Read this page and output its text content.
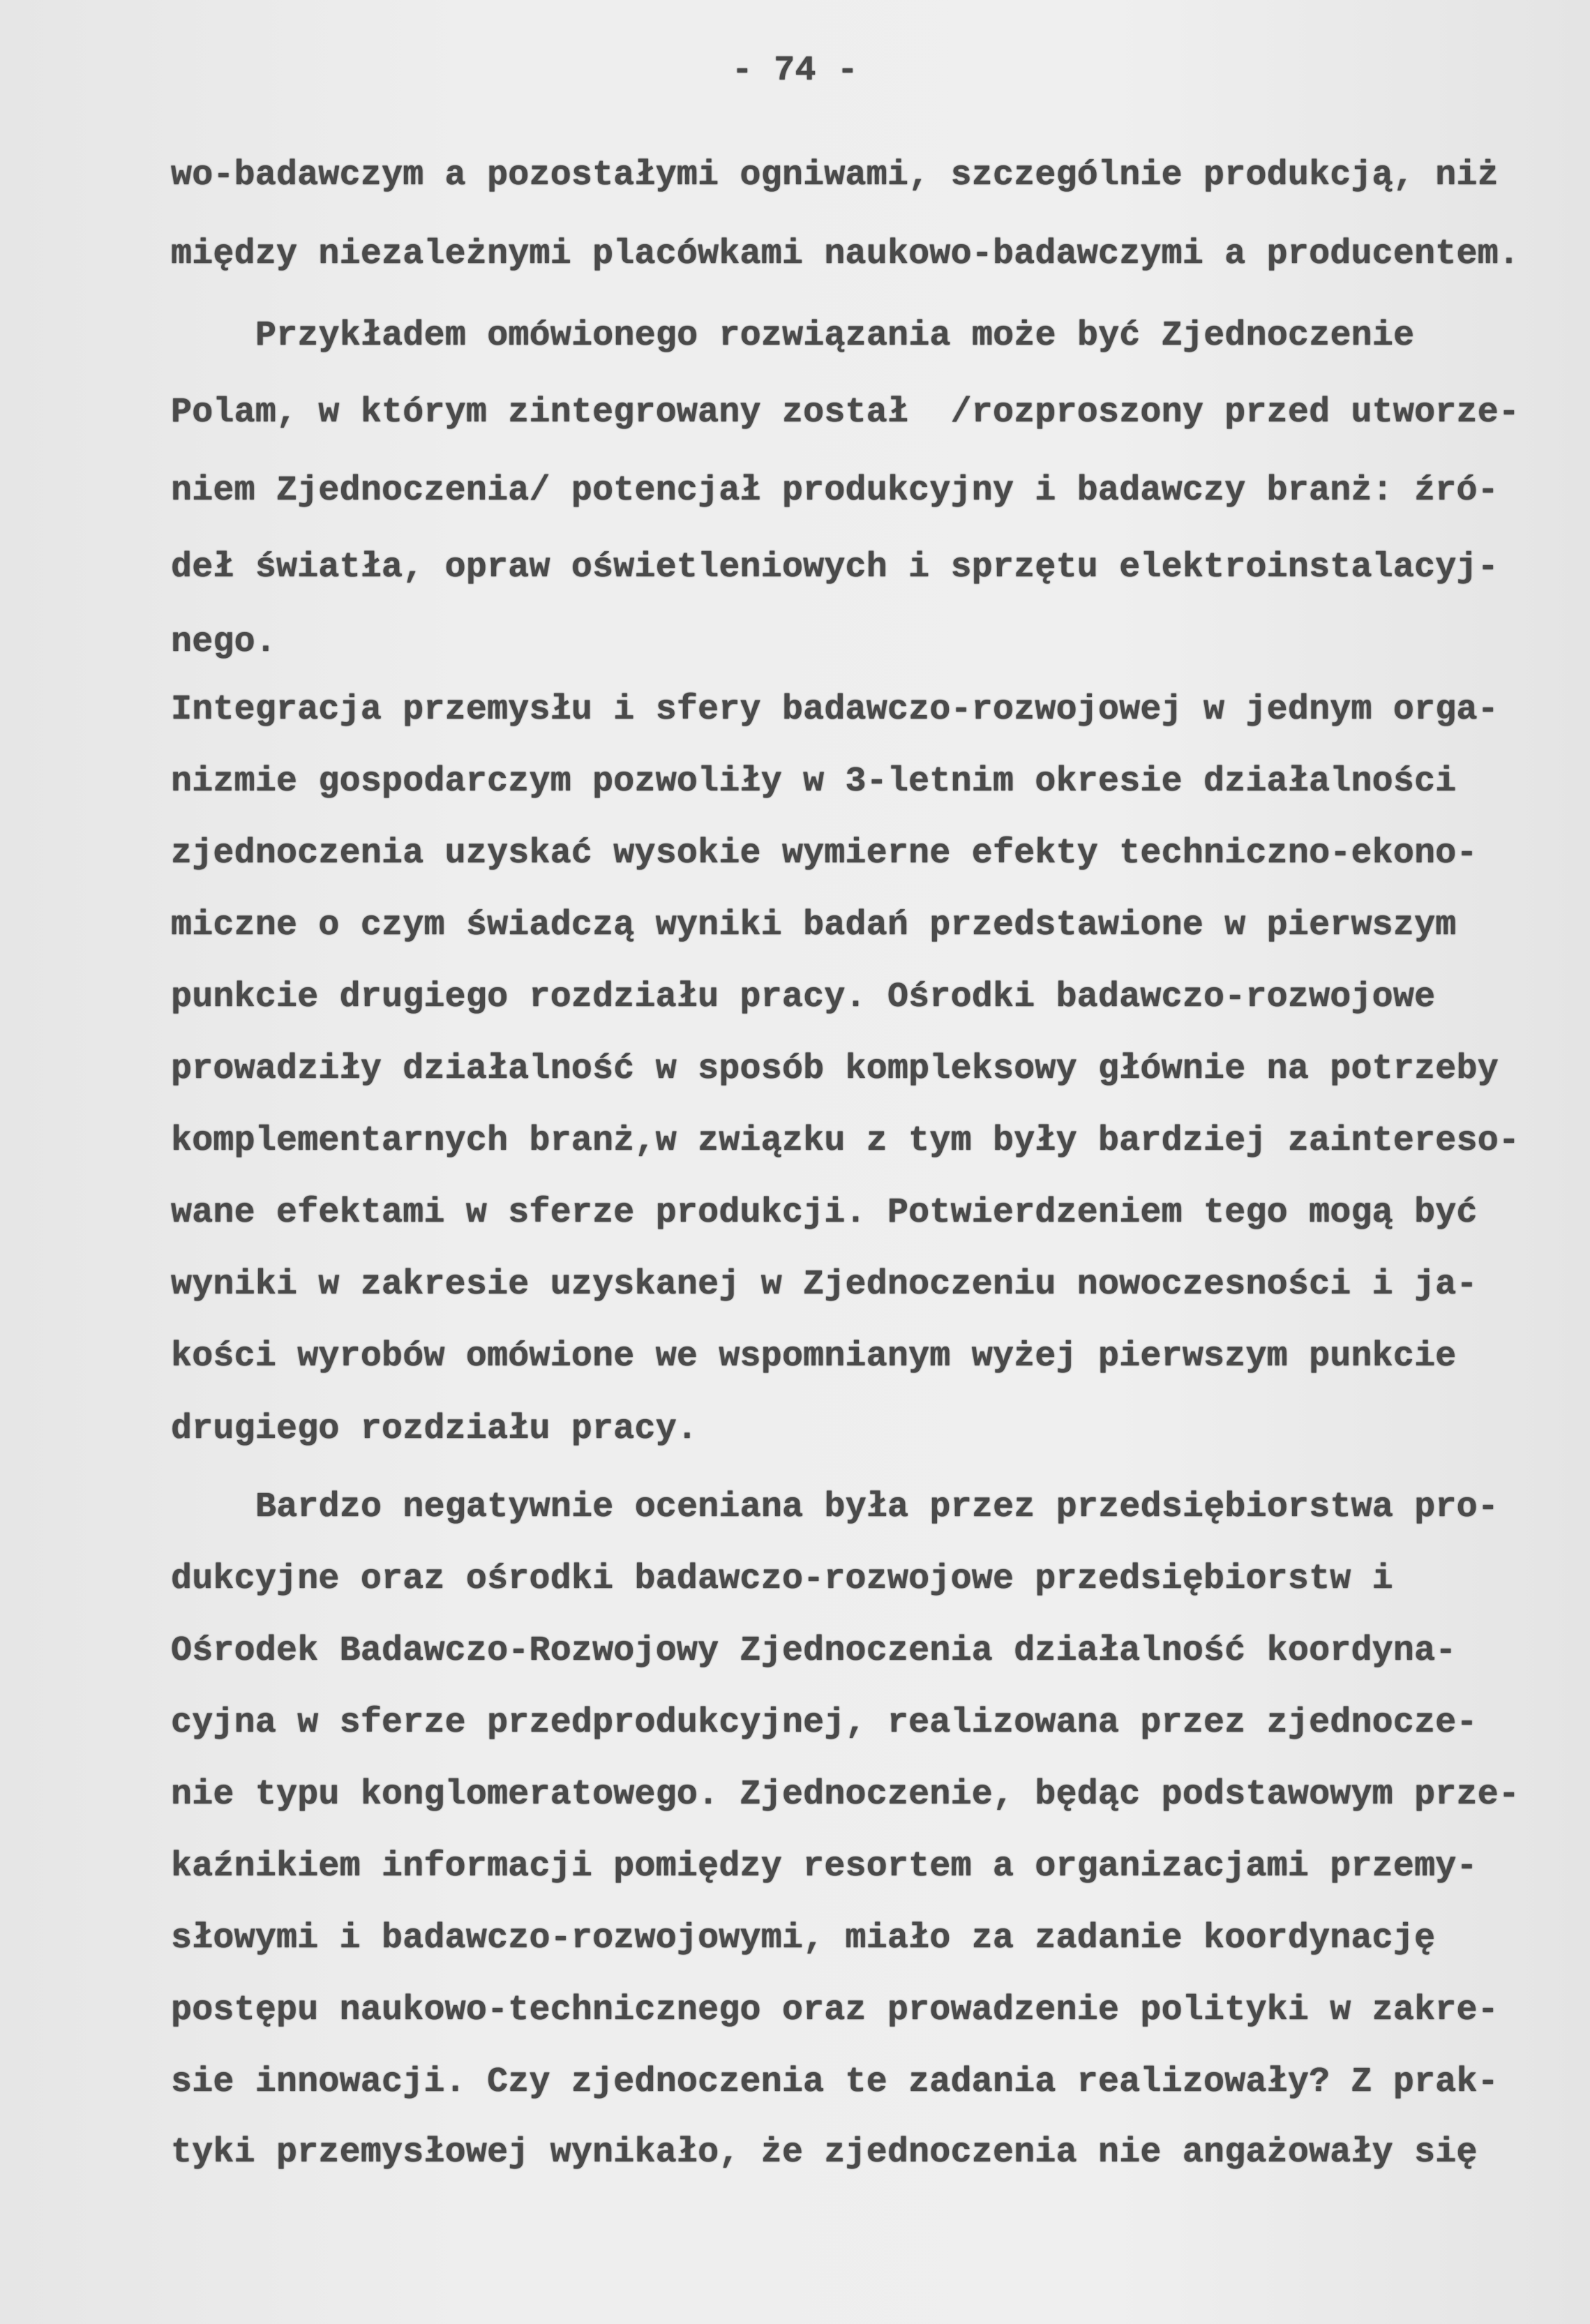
- 74 -
wo-badawczym a pozostałymi ogniwami, szczególnie produkcją, niż
między niezależnymi placówkami naukowo-badawczymi a producentem.
Przykładem omówionego rozwiązania może być Zjednoczenie
Polam, w którym zintegrowany został  /rozproszony przed utworze-
niem Zjednoczenia/ potencjał produkcyjny i badawczy branż: źró-
deł światła, opraw oświetleniowych i sprzętu elektroinstalacyj-
nego.
Integracja przemysłu i sfery badawczo-rozwojowej w jednym orga-
nizmie gospodarczym pozwoliły w 3-letnim okresie działalności
zjednoczenia uzyskać wysokie wymierne efekty techniczno-ekono-
miczne o czym świadczą wyniki badań przedstawione w pierwszym
punkcie drugiego rozdziału pracy. Ośrodki badawczo-rozwojowe
prowadziły działalność w sposób kompleksowy głównie na potrzeby
komplementarnych branż,w związku z tym były bardziej zaintereso-
wane efektami w sferze produkcji. Potwierdzeniem tego mogą być
wyniki w zakresie uzyskanej w Zjednoczeniu nowoczesności i ja-
kości wyrobów omówione we wspomnianym wyżej pierwszym punkcie
drugiego rozdziału pracy.
Bardzo negatywnie oceniana była przez przedsiębiorstwa pro-
dukcyjne oraz ośrodki badawczo-rozwojowe przedsiębiorstw i
Ośrodek Badawczo-Rozwojowy Zjednoczenia działalność koordyna-
cyjna w sferze przedprodukcyjnej, realizowana przez zjednocze-
nie typu konglomeratowego. Zjednoczenie, będąc podstawowym prze-
kaźnikiem informacji pomiędzy resortem a organizacjami przemy-
słowymi i badawczo-rozwojowymi, miało za zadanie koordynację
postępu naukowo-technicznego oraz prowadzenie polityki w zakre-
sie innowacji. Czy zjednoczenia te zadania realizowały? Z prak-
tyki przemysłowej wynikało, że zjednoczenia nie angażowały się
